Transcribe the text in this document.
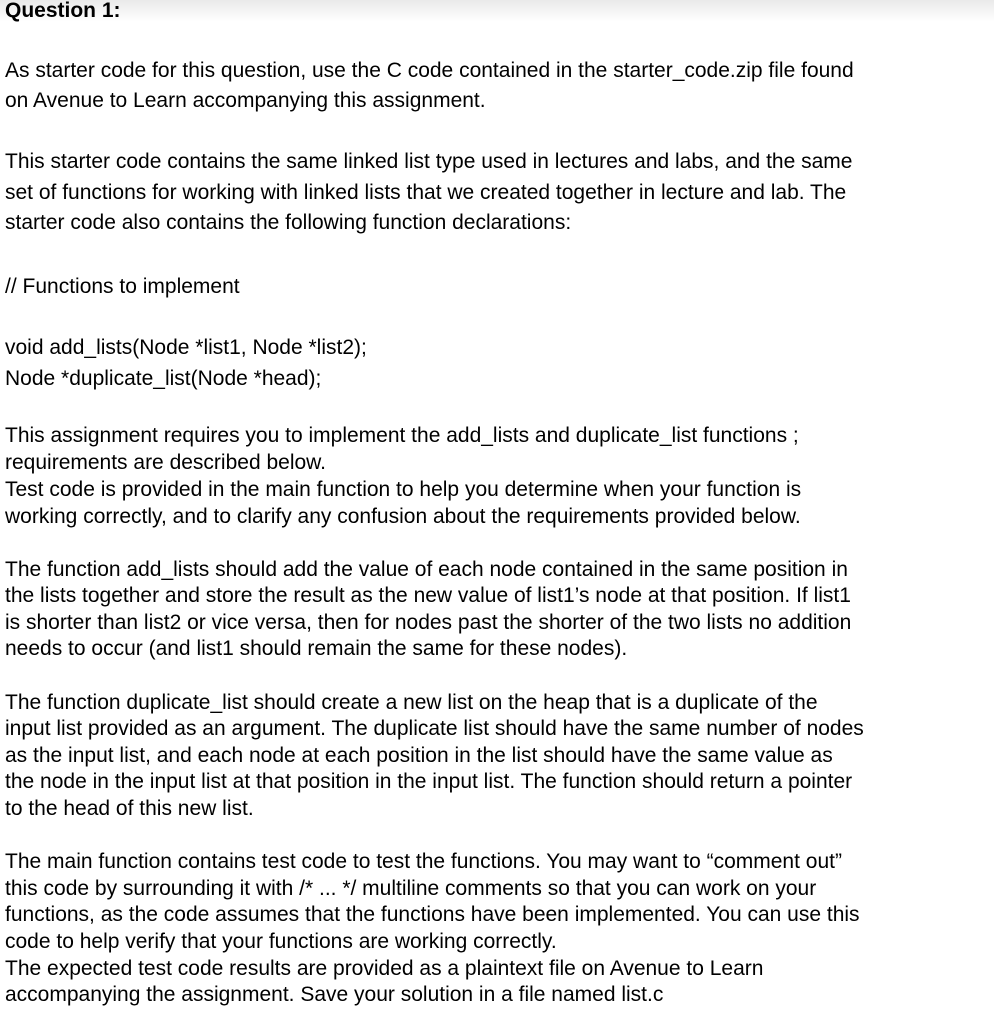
Question 1:

As starter code for this question, use the C code contained in the starter_code.zip file found

on Avenue to Learn accompanying this assignment.

This starter code contains the same linked list type used in lectures and labs, and the same

set of functions for working with linked lists that we created together in lecture and lab. The

starter code also contains the following function declarations:

// Functions to implement

void add_lists(Node *list1, Node *list2);

Node *duplicate_list(Node *head);

This assignment requires you to implement the add_lists and duplicate_list functions ;

requirements are described below.

Test code is provided in the main function to help you determine when your function is

working correctly, and to clarify any confusion about the requirements provided below.

The function add_lists should add the value of each node contained in the same position in

the lists together and store the result as the new value of list1’s node at that position. If list1

is shorter than list2 or vice versa, then for nodes past the shorter of the two lists no addition

needs to occur (and list1 should remain the same for these nodes).

The function duplicate_list should create a new list on the heap that is a duplicate of the

input list provided as an argument. The duplicate list should have the same number of nodes

as the input list, and each node at each position in the list should have the same value as

the node in the input list at that position in the input list. The function should return a pointer

to the head of this new list.

The main function contains test code to test the functions. You may want to “comment out”

this code by surrounding it with /* ... */ multiline comments so that you can work on your

functions, as the code assumes that the functions have been implemented. You can use this

code to help verify that your functions are working correctly.

The expected test code results are provided as a plaintext file on Avenue to Learn

accompanying the assignment. Save your solution in a file named list.c
